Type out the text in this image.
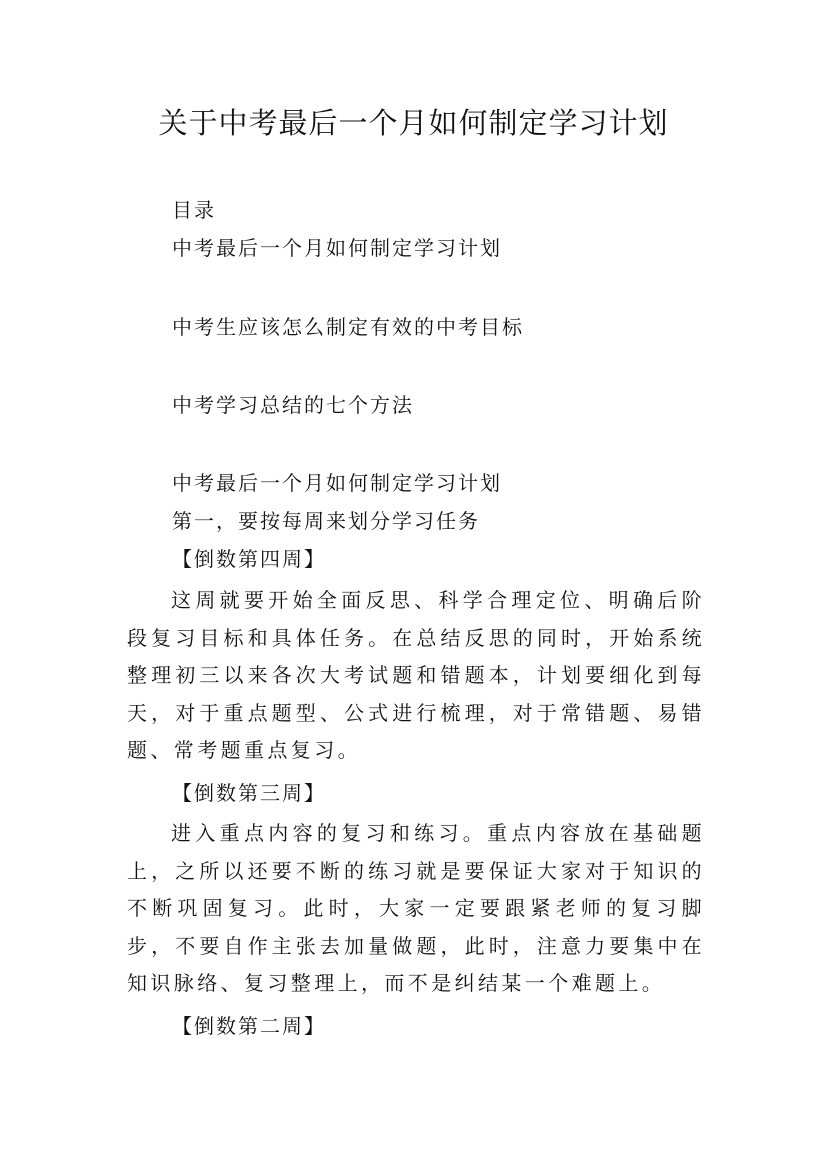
关于中考最后一个月如何制定学习计划
目录
中考最后一个月如何制定学习计划
中考生应该怎么制定有效的中考目标
中考学习总结的七个方法
中考最后一个月如何制定学习计划
第一，要按每周来划分学习任务
【倒数第四周】

这周就要开始全面反思、科学合理定位、明确后阶段复习目标和具体任务。在总结反思的同时，开始系统整理初三以来各次大考试题和错题本，计划要细化到每天，对于重点题型、公式进行梳理，对于常错题、易错题、常考题重点复习。

【倒数第三周】

进入重点内容的复习和练习。重点内容放在基础题上，之所以还要不断的练习就是要保证大家对于知识的不断巩固复习。此时，大家一定要跟紧老师的复习脚步，不要自作主张去加量做题，此时，注意力要集中在知识脉络、复习整理上，而不是纠结某一个难题上。

【倒数第二周】
